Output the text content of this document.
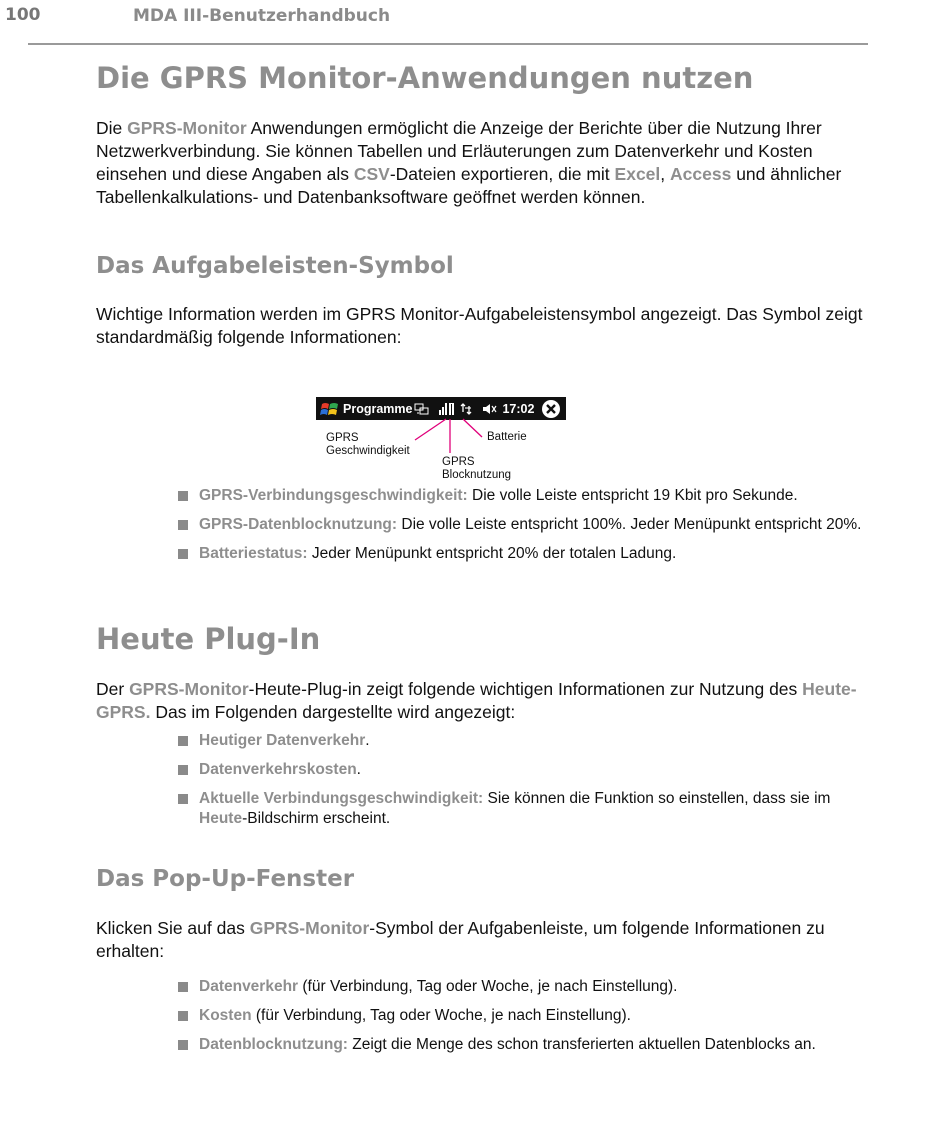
100	MDA III-Benutzerhandbuch
Die GPRS Monitor-Anwendungen nutzen

Die GPRS-Monitor Anwendungen ermöglicht die Anzeige der Berichte über die Nutzung Ihrer Netzwerkverbindung. Sie können Tabellen und Erläuterungen zum Datenverkehr und Kosten einsehen und diese Angaben als CSV-Dateien exportieren, die mit Excel, Access und ähnlicher Tabellenkalkulations- und Datenbanksoftware geöffnet werden können.

Das Aufgabeleisten-Symbol

Wichtige Information werden im GPRS Monitor-Aufgabeleistensymbol angezeigt. Das Symbol zeigt standardmäßig folgende Informationen:

Programme	17:02
GPRS
Geschwindigkeit
GPRS
Blocknutzung
Batterie
GPRS-Verbindungsgeschwindigkeit: Die volle Leiste entspricht 19 Kbit pro Sekunde.
GPRS-Datenblocknutzung: Die volle Leiste entspricht 100%. Jeder Menüpunkt entspricht 20%.
Batteriestatus: Jeder Menüpunkt entspricht 20% der totalen Ladung.
Heute Plug-In

Der GPRS-Monitor-Heute-Plug-in zeigt folgende wichtigen Informationen zur Nutzung des Heute-GPRS. Das im Folgenden dargestellte wird angezeigt:

Heutiger Datenverkehr.
Datenverkehrskosten.
Aktuelle Verbindungsgeschwindigkeit: Sie können die Funktion so einstellen, dass sie im Heute-Bildschirm erscheint.
Das Pop-Up-Fenster

Klicken Sie auf das GPRS-Monitor-Symbol der Aufgabenleiste, um folgende Informationen zu erhalten:

Datenverkehr (für Verbindung, Tag oder Woche, je nach Einstellung).
Kosten (für Verbindung, Tag oder Woche, je nach Einstellung).
Datenblocknutzung: Zeigt die Menge des schon transferierten aktuellen Datenblocks an.
